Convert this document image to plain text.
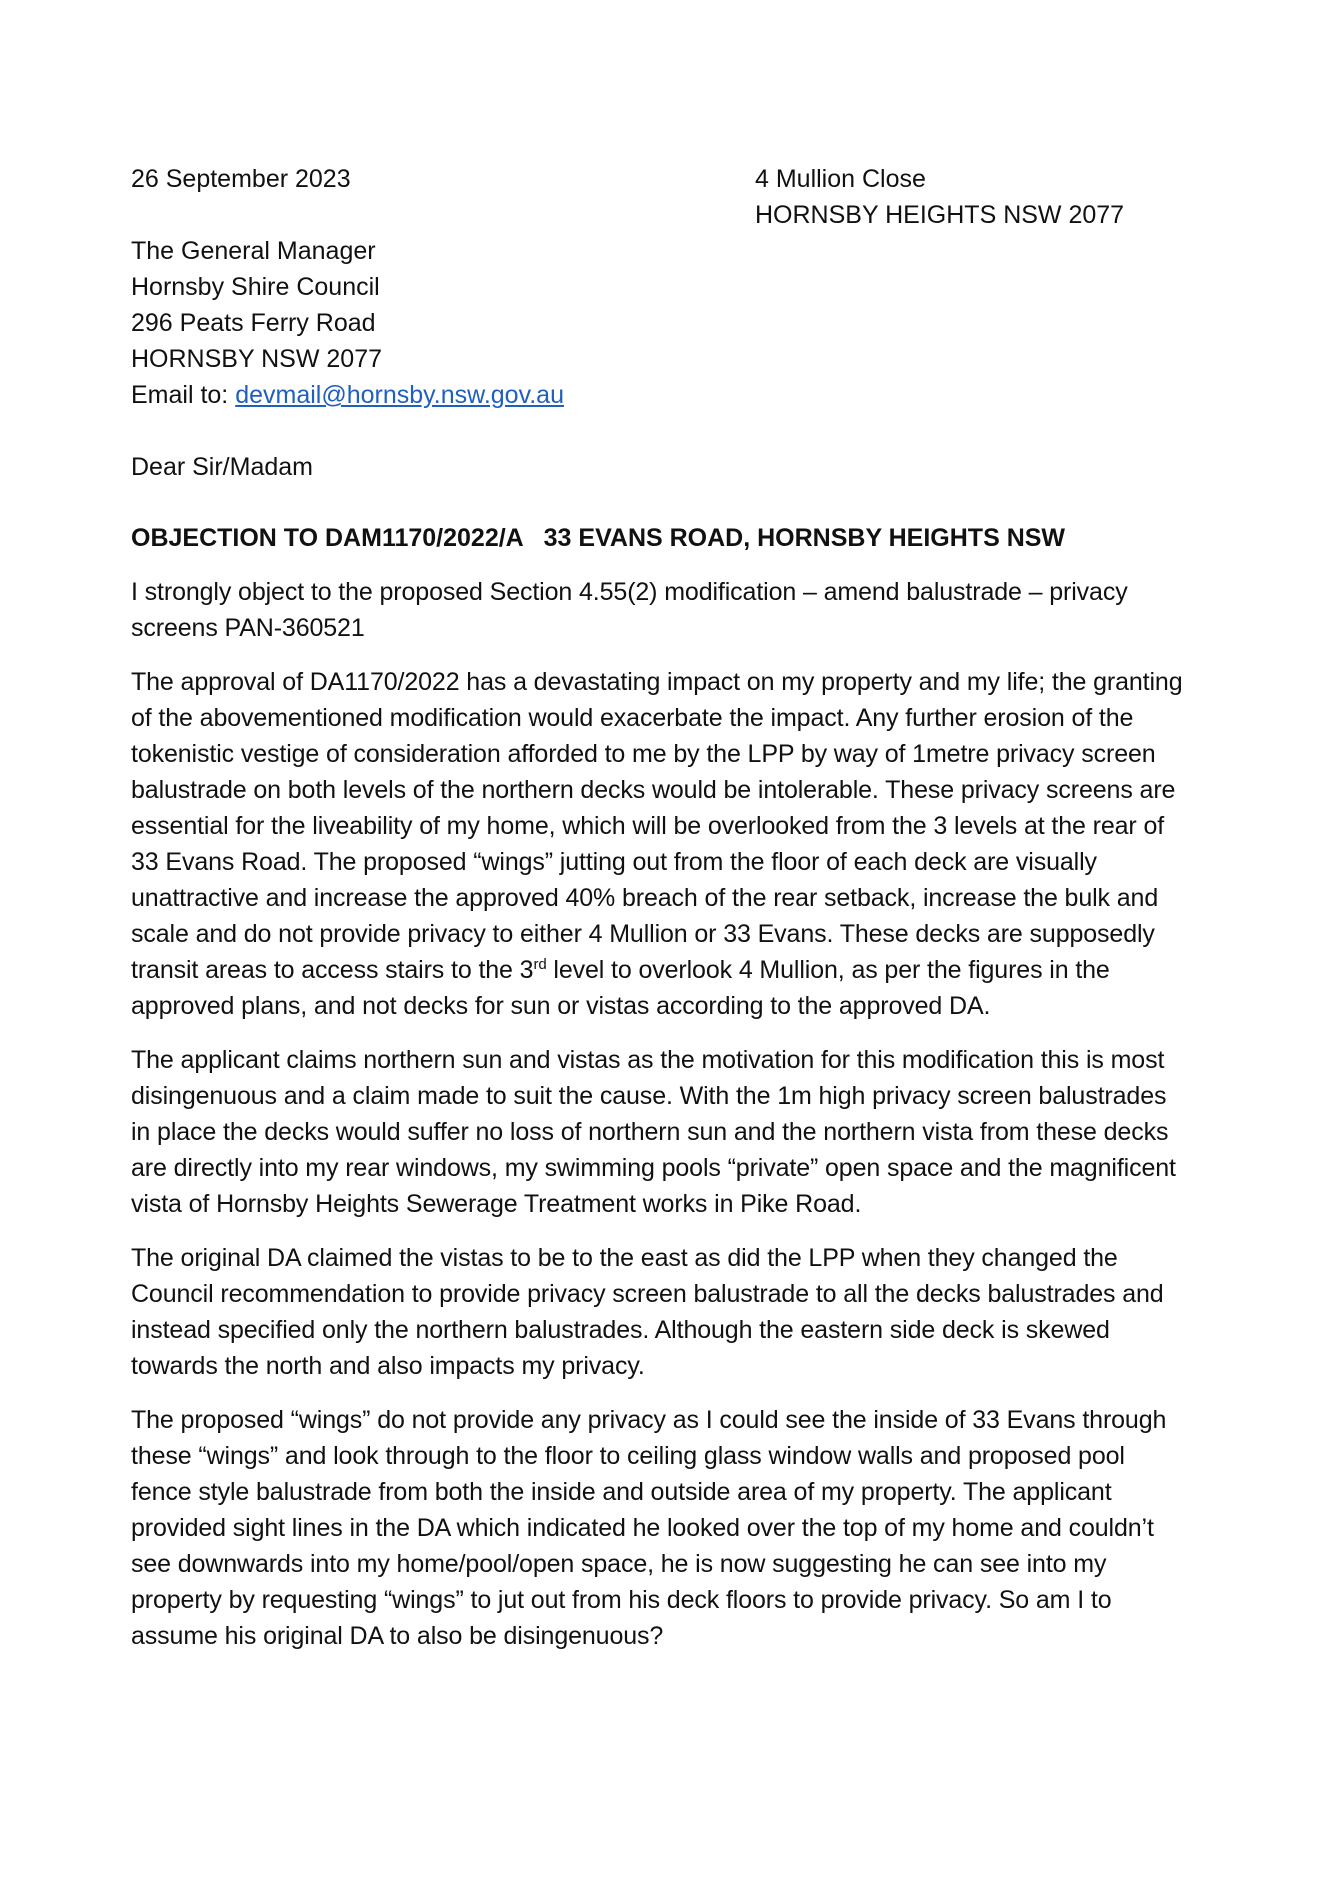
26 September 2023	4 Mullion Close
HORNSBY HEIGHTS NSW 2077
The General Manager
Hornsby Shire Council
296 Peats Ferry Road
HORNSBY NSW 2077
Email to: devmail@hornsby.nsw.gov.au
Dear Sir/Madam
OBJECTION TO DAM1170/2022/A   33 EVANS ROAD, HORNSBY HEIGHTS NSW

I strongly object to the proposed Section 4.55(2) modification – amend balustrade – privacy screens PAN-360521

The approval of DA1170/2022 has a devastating impact on my property and my life; the granting of the abovementioned modification would exacerbate the impact. Any further erosion of the tokenistic vestige of consideration afforded to me by the LPP by way of 1metre privacy screen balustrade on both levels of the northern decks would be intolerable. These privacy screens are essential for the liveability of my home, which will be overlooked from the 3 levels at the rear of 33 Evans Road. The proposed “wings” jutting out from the floor of each deck are visually unattractive and increase the approved 40% breach of the rear setback, increase the bulk and scale and do not provide privacy to either 4 Mullion or 33 Evans. These decks are supposedly transit areas to access stairs to the 3rd level to overlook 4 Mullion, as per the figures in the approved plans, and not decks for sun or vistas according to the approved DA.

The applicant claims northern sun and vistas as the motivation for this modification this is most disingenuous and a claim made to suit the cause. With the 1m high privacy screen balustrades in place the decks would suffer no loss of northern sun and the northern vista from these decks are directly into my rear windows, my swimming pools “private” open space and the magnificent vista of Hornsby Heights Sewerage Treatment works in Pike Road.

The original DA claimed the vistas to be to the east as did the LPP when they changed the Council recommendation to provide privacy screen balustrade to all the decks balustrades and instead specified only the northern balustrades. Although the eastern side deck is skewed towards the north and also impacts my privacy.

The proposed “wings” do not provide any privacy as I could see the inside of 33 Evans through these “wings” and look through to the floor to ceiling glass window walls and proposed pool fence style balustrade from both the inside and outside area of my property. The applicant provided sight lines in the DA which indicated he looked over the top of my home and couldn’t see downwards into my home/pool/open space, he is now suggesting he can see into my property by requesting “wings” to jut out from his deck floors to provide privacy. So am I to assume his original DA to also be disingenuous?
